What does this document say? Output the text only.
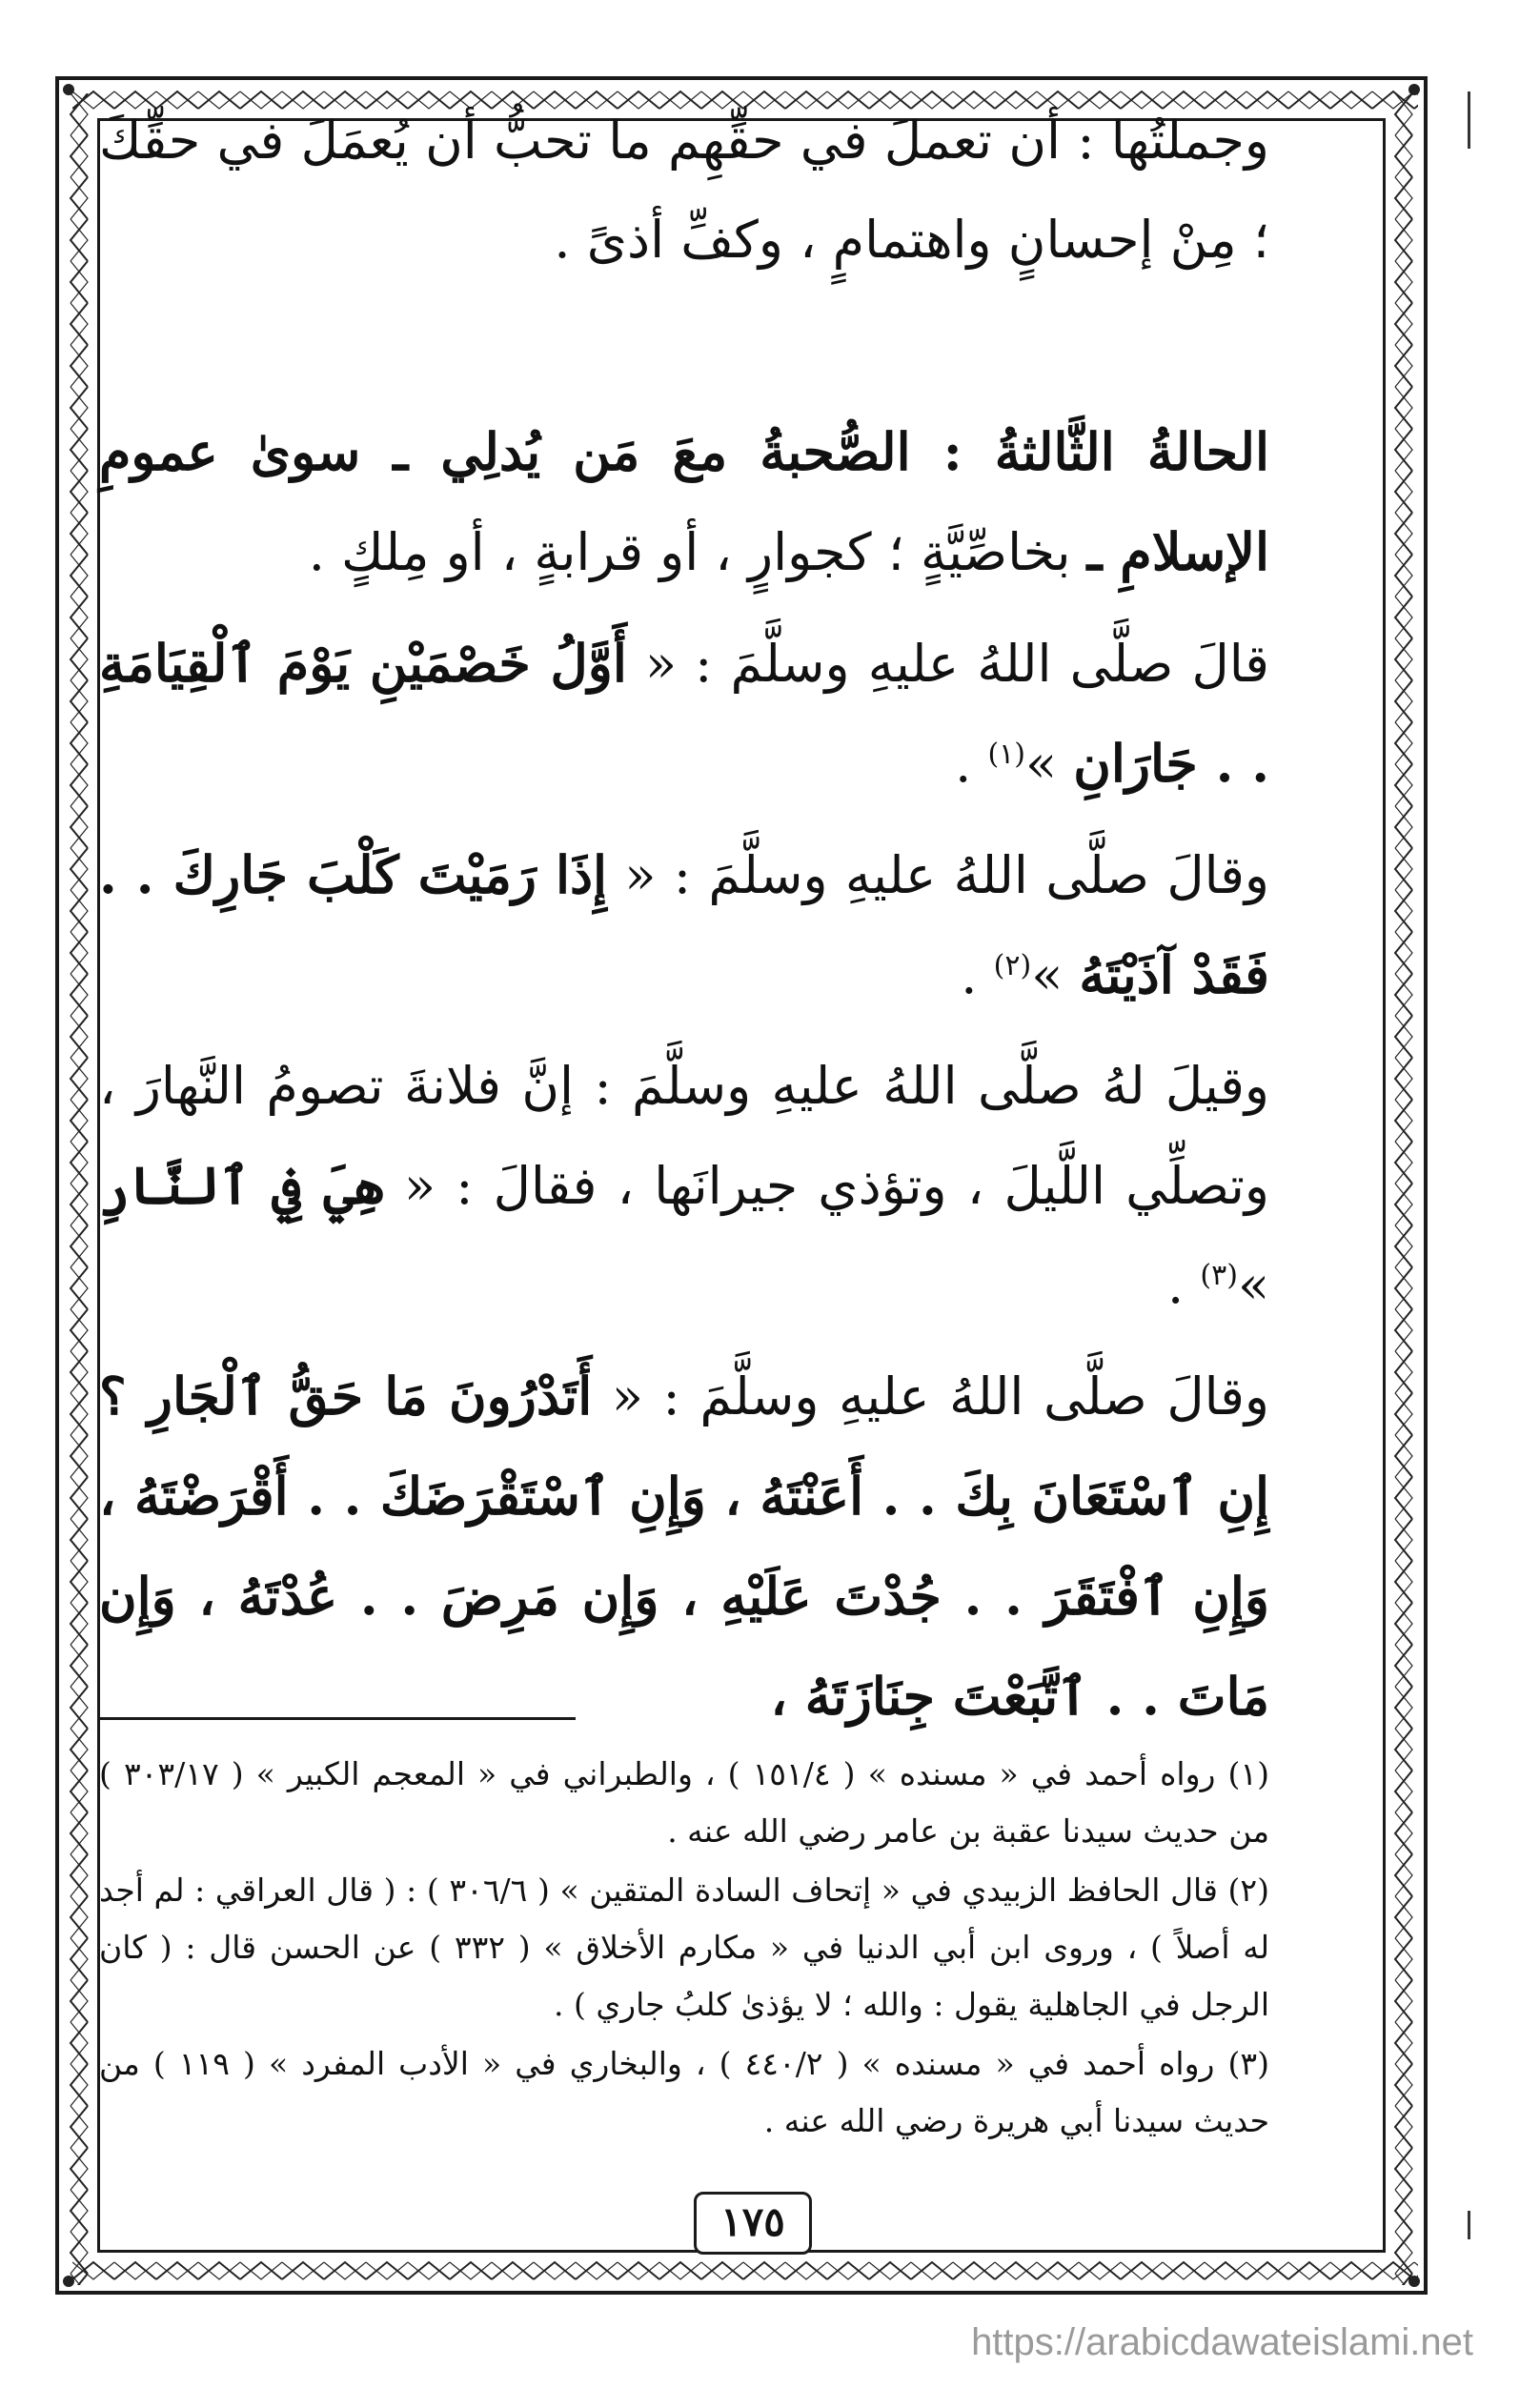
وجملتُها : أن تعملَ في حقِّهِم ما تحبُّ أن يُعمَلَ في حقِّكَ ؛ مِنْ إحسانٍ واهتمامٍ ، وكفِّ أذىً .

الحالةُ الثَّالثةُ : الصُّحبةُ معَ مَن يُدلِي ـ سوىٰ عمومِ الإسلامِ ـ بخاصِّيَّةٍ ؛ كجوارٍ ، أو قرابةٍ ، أو مِلكٍ .

قالَ صلَّى اللهُ عليهِ وسلَّمَ : « أَوَّلُ خَصْمَيْنِ يَوْمَ ٱلْقِيَامَةِ . . جَارَانِ »$^{(١)}$ .

وقالَ صلَّى اللهُ عليهِ وسلَّمَ : « إِذَا رَمَيْتَ كَلْبَ جَارِكَ . . فَقَدْ آذَيْتَهُ »$^{(٢)}$ .

وقيلَ لهُ صلَّى اللهُ عليهِ وسلَّمَ : إنَّ فلانةَ تصومُ النَّهارَ ، وتصلِّي اللَّيلَ ، وتؤذي جيرانَها ، فقالَ : « هِيَ فِي ٱلنَّارِ »$^{(٣)}$ .

وقالَ صلَّى اللهُ عليهِ وسلَّمَ : « أَتَدْرُونَ مَا حَقُّ ٱلْجَارِ ؟ إِنِ ٱسْتَعَانَ بِكَ . . أَعَنْتَهُ ، وَإِنِ ٱسْتَقْرَضَكَ . . أَقْرَضْتَهُ ، وَإِنِ ٱفْتَقَرَ . . جُدْتَ عَلَيْهِ ، وَإِن مَرِضَ . . عُدْتَهُ ، وَإِن مَاتَ . . ٱتَّبَعْتَ جِنَازَتَهُ ،

(١) رواه أحمد في « مسنده » ( ١٥١/٤ ) ، والطبراني في « المعجم الكبير » ( ٣٠٣/١٧ ) من حديث سيدنا عقبة بن عامر رضي الله عنه .

(٢) قال الحافظ الزبيدي في « إتحاف السادة المتقين » ( ٣٠٦/٦ ) : ( قال العراقي : لم أجد له أصلاً ) ، وروى ابن أبي الدنيا في « مكارم الأخلاق » ( ٣٣٢ ) عن الحسن قال : ( كان الرجل في الجاهلية يقول : والله ؛ لا يؤذىٰ كلبُ جاري ) .

(٣) رواه أحمد في « مسنده » ( ٤٤٠/٢ ) ، والبخاري في « الأدب المفرد » ( ١١٩ ) من حديث سيدنا أبي هريرة رضي الله عنه .

١٧٥
https://arabicdawateislami.net
